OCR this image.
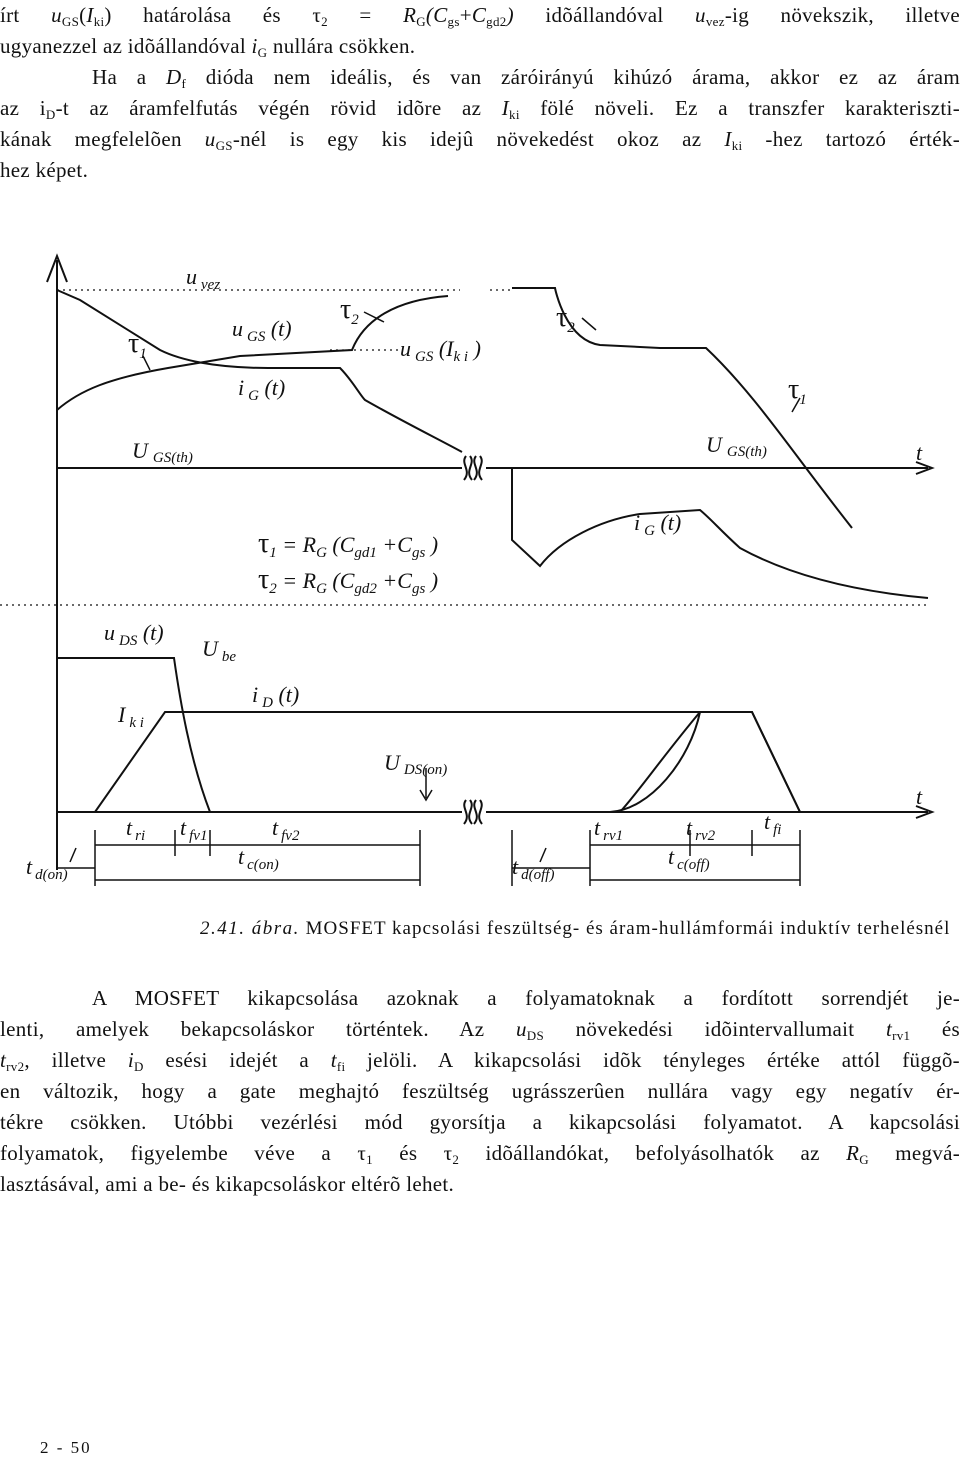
írt $u_{GS}(I_{ki})$ határolása és $\tau_2 = R_G(C_{gs}+C_{gd2})$ idõállandóval $u_{vez}-ig$ növekszik, illetve
ugyanezzel az idõállandóval $i_G$ nullára csökken.
Ha a $D_f$ dióda nem ideális, és van záróirányú kihúzó árama, akkor ez az áram
az $i_D-t$ az áramfelfutás végén rövid idõre az $I_{ki}$ fölé növeli. Ez a transzfer karakteriszti-
kának megfelelõen $u_{GS}$-nél is egy kis idejû növekedést okoz az $I_{ki}$ -hez tartozó érték-
hez képet.
u $_{vez}$
$\tau_1$
$\tau_2$	$\tau_2$
$\tau_1$
u $_{GS}$ (t)
u $_{GS}$ ($I_{k i}$ )
i $_G$ (t)
U GS(th)
U GS(th)	t
i $_G$ (t)
$\tau_1 = R_G$ ($C_{gd1} +C_{gs}$ )
$\tau_2 = R_G$ ($C_{gd2} +C_{gs}$ )
u $_{DS}$ (t)
U $_{be}$
I $_{k i}$
i $_D$ (t)
U DS(on)
t
t $_{ri}$ t $_{fv1}$	t $_{fv2}$
t $_{c(on)}$
t $_{d(on)}$
t $_{rv1}$	t $_{rv2}$
t $_{fi}$
t $_{c(off)}$
t $_{d(off)}$
2.41. ábra. MOSFET kapcsolási feszültség- és áram-hullámformái induktív terhelésnél
A MOSFET kikapcsolása azoknak a folyamatoknak a fordított sorrendjét je-
lenti, amelyek bekapcsoláskor történtek. Az $u_{DS}$ növekedési idõintervallumait $t_{rv1}$ és
$t_{rv2}$, illetve $i_D$ esési idejét a $t_{fi}$ jelöli. A kikapcsolási idõk tényleges értéke attól függõ-
en változik, hogy a gate meghajtó feszültség ugrásszerûen nullára vagy egy negatív ér-
tékre csökken. Utóbbi vezérlési mód gyorsítja a kikapcsolási folyamatot. A kapcsolási
folyamatok, figyelembe véve a $\tau_1$ és $\tau_2$ idõállandókat, befolyásolhatók az $R_G$ megvá-
lasztásával, ami a be- és kikapcsoláskor eltérõ lehet.
2 - 50
